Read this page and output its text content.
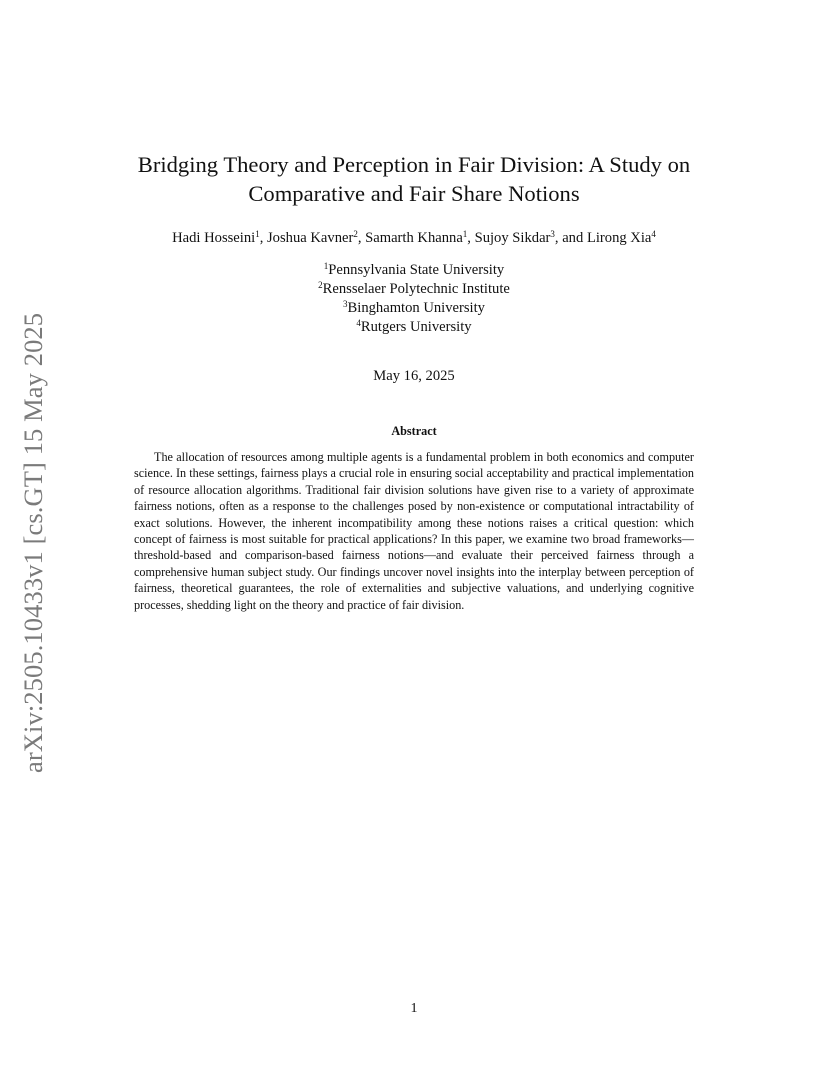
arXiv:2505.10433v1 [cs.GT] 15 May 2025
Bridging Theory and Perception in Fair Division: A Study on
Comparative and Fair Share Notions

Hadi Hosseini$^1$, Joshua Kavner$^2$, Samarth Khanna$^1$, Sujoy Sikdar$^3$, and Lirong Xia$^4$

$^1$Pennsylvania State University
$^2$Rensselaer Polytechnic Institute
$^3$Binghamton University
$^4$Rutgers University

May 16, 2025

Abstract

The allocation of resources among multiple agents is a fundamental problem in both economics and computer science. In these settings, fairness plays a crucial role in ensuring social acceptability and practical implementation of resource allocation algorithms. Traditional fair division solutions have given rise to a variety of approximate fairness notions, often as a response to the challenges posed by non-existence or computational intractability of exact solutions. However, the inherent incompatibility among these notions raises a critical question: which concept of fairness is most suitable for practical applications? In this paper, we examine two broad frameworks—threshold-based and comparison-based fairness notions—and evaluate their perceived fairness through a comprehensive human subject study. Our findings uncover novel insights into the interplay between perception of fairness, theoretical guarantees, the role of externalities and subjective valuations, and underlying cognitive processes, shedding light on the theory and practice of fair division.

1
